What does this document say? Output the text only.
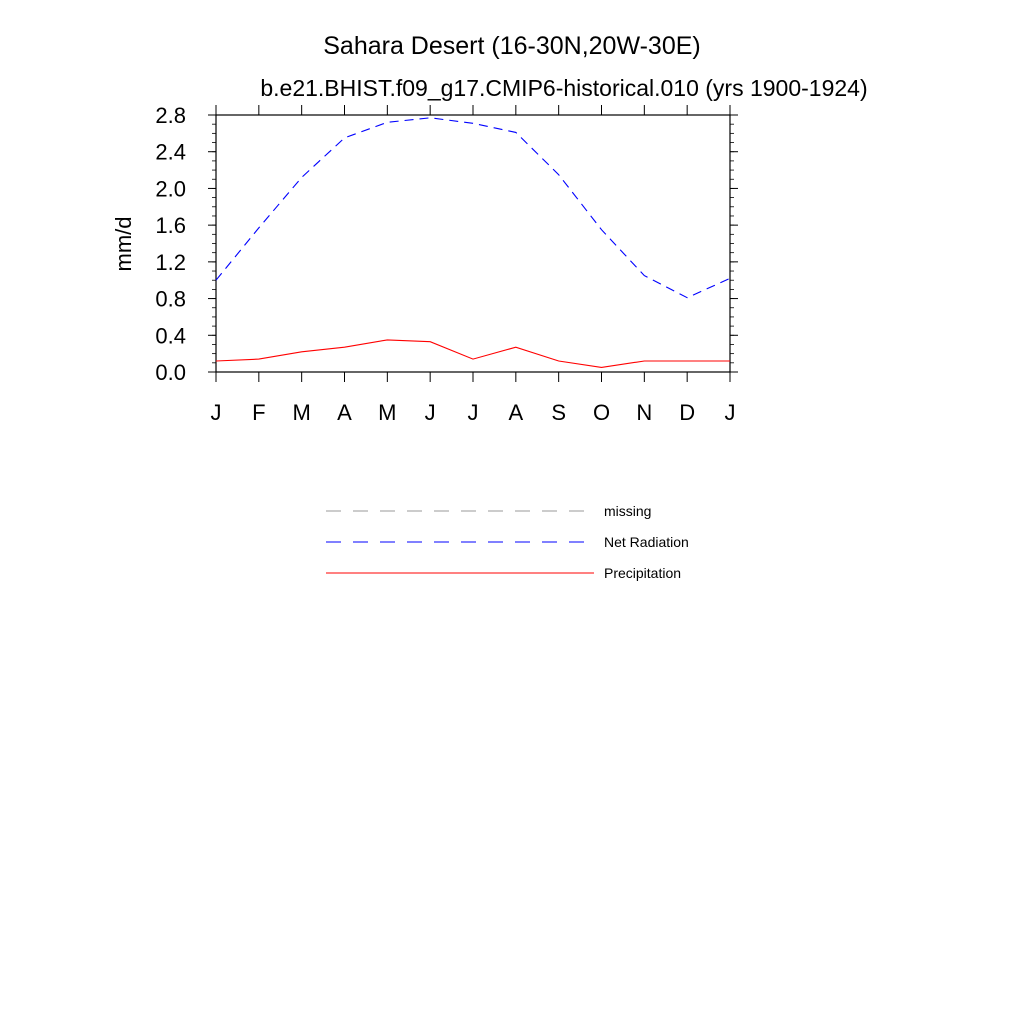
Sahara Desert (16-30N,20W-30E)
b.e21.BHIST.f09_g17.CMIP6-historical.010 (yrs 1900-1924)
mm/d
0.0
0.4
0.8
1.2
1.6
2.0
2.4
2.8
J F M A M J J A S O N D J
missing
Net Radiation
Precipitation
